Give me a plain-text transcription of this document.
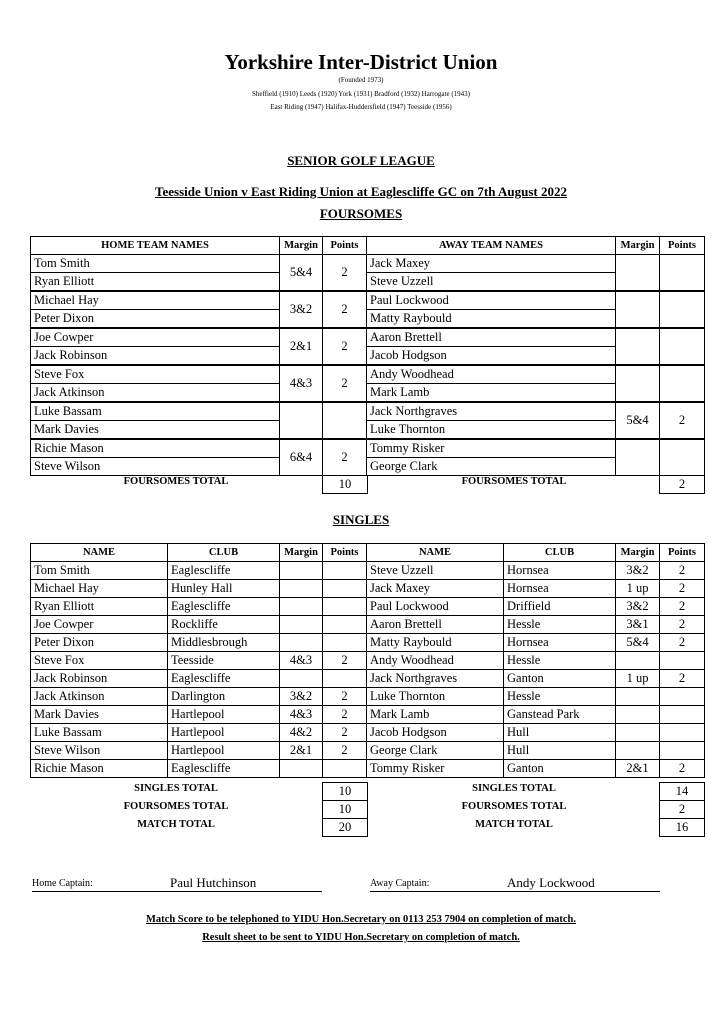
Yorkshire Inter-District Union
(Founded 1973)
Sheffield (1910) Leeds (1920) York (1931) Bradford (1932) Harrogate (1943)
East Riding (1947) Halifax-Huddersfield (1947) Teesside (1956)
SENIOR GOLF LEAGUE
Teesside Union v East Riding Union at Eaglescliffe GC on 7th August 2022
FOURSOMES
HOME TEAM NAMES	Margin	Points	AWAY TEAM NAMES	Margin	Points
Tom Smith	5&4	2	Jack Maxey		
Ryan Elliott			Steve Uzzell		
Michael Hay	3&2	2	Paul Lockwood		
Peter Dixon			Matty Raybould		
Joe Cowper	2&1	2	Aaron Brettell		
Jack Robinson			Jacob Hodgson		
Steve Fox	4&3	2	Andy Woodhead		
Jack Atkinson			Mark Lamb		
Luke Bassam			Jack Northgraves	5&4	2
Mark Davies			Luke Thornton		
Richie Mason	6&4	2	Tommy Risker		
Steve Wilson			George Clark		
FOURSOMES TOTAL	10	FOURSOMES TOTAL	2
SINGLES
NAME	CLUB	Margin	Points	NAME	CLUB	Margin	Points
Tom Smith	Eaglescliffe			Steve Uzzell	Hornsea	3&2	2
Michael Hay	Hunley Hall			Jack Maxey	Hornsea	1 up	2
Ryan Elliott	Eaglescliffe			Paul Lockwood	Driffield	3&2	2
Joe Cowper	Rockliffe			Aaron Brettell	Hessle	3&1	2
Peter Dixon	Middlesbrough			Matty Raybould	Hornsea	5&4	2
Steve Fox	Teesside	4&3	2	Andy Woodhead	Hessle		
Jack Robinson	Eaglescliffe			Jack Northgraves	Ganton	1 up	2
Jack Atkinson	Darlington	3&2	2	Luke Thornton	Hessle		
Mark Davies	Hartlepool	4&3	2	Mark Lamb	Ganstead Park		
Luke Bassam	Hartlepool	4&2	2	Jacob Hodgson	Hull		
Steve Wilson	Hartlepool	2&1	2	George Clark	Hull		
Richie Mason	Eaglescliffe			Tommy Risker	Ganton	2&1	2
SINGLES TOTAL	10	SINGLES TOTAL	14
FOURSOMES TOTAL	10	FOURSOMES TOTAL	2
MATCH TOTAL	20	MATCH TOTAL	16
Home Captain:	Paul Hutchinson	Away Captain:	Andy Lockwood
Match Score to be telephoned to YIDU Hon.Secretary on 0113 253 7904 on completion of match.
Result sheet to be sent to YIDU Hon.Secretary on completion of match.
